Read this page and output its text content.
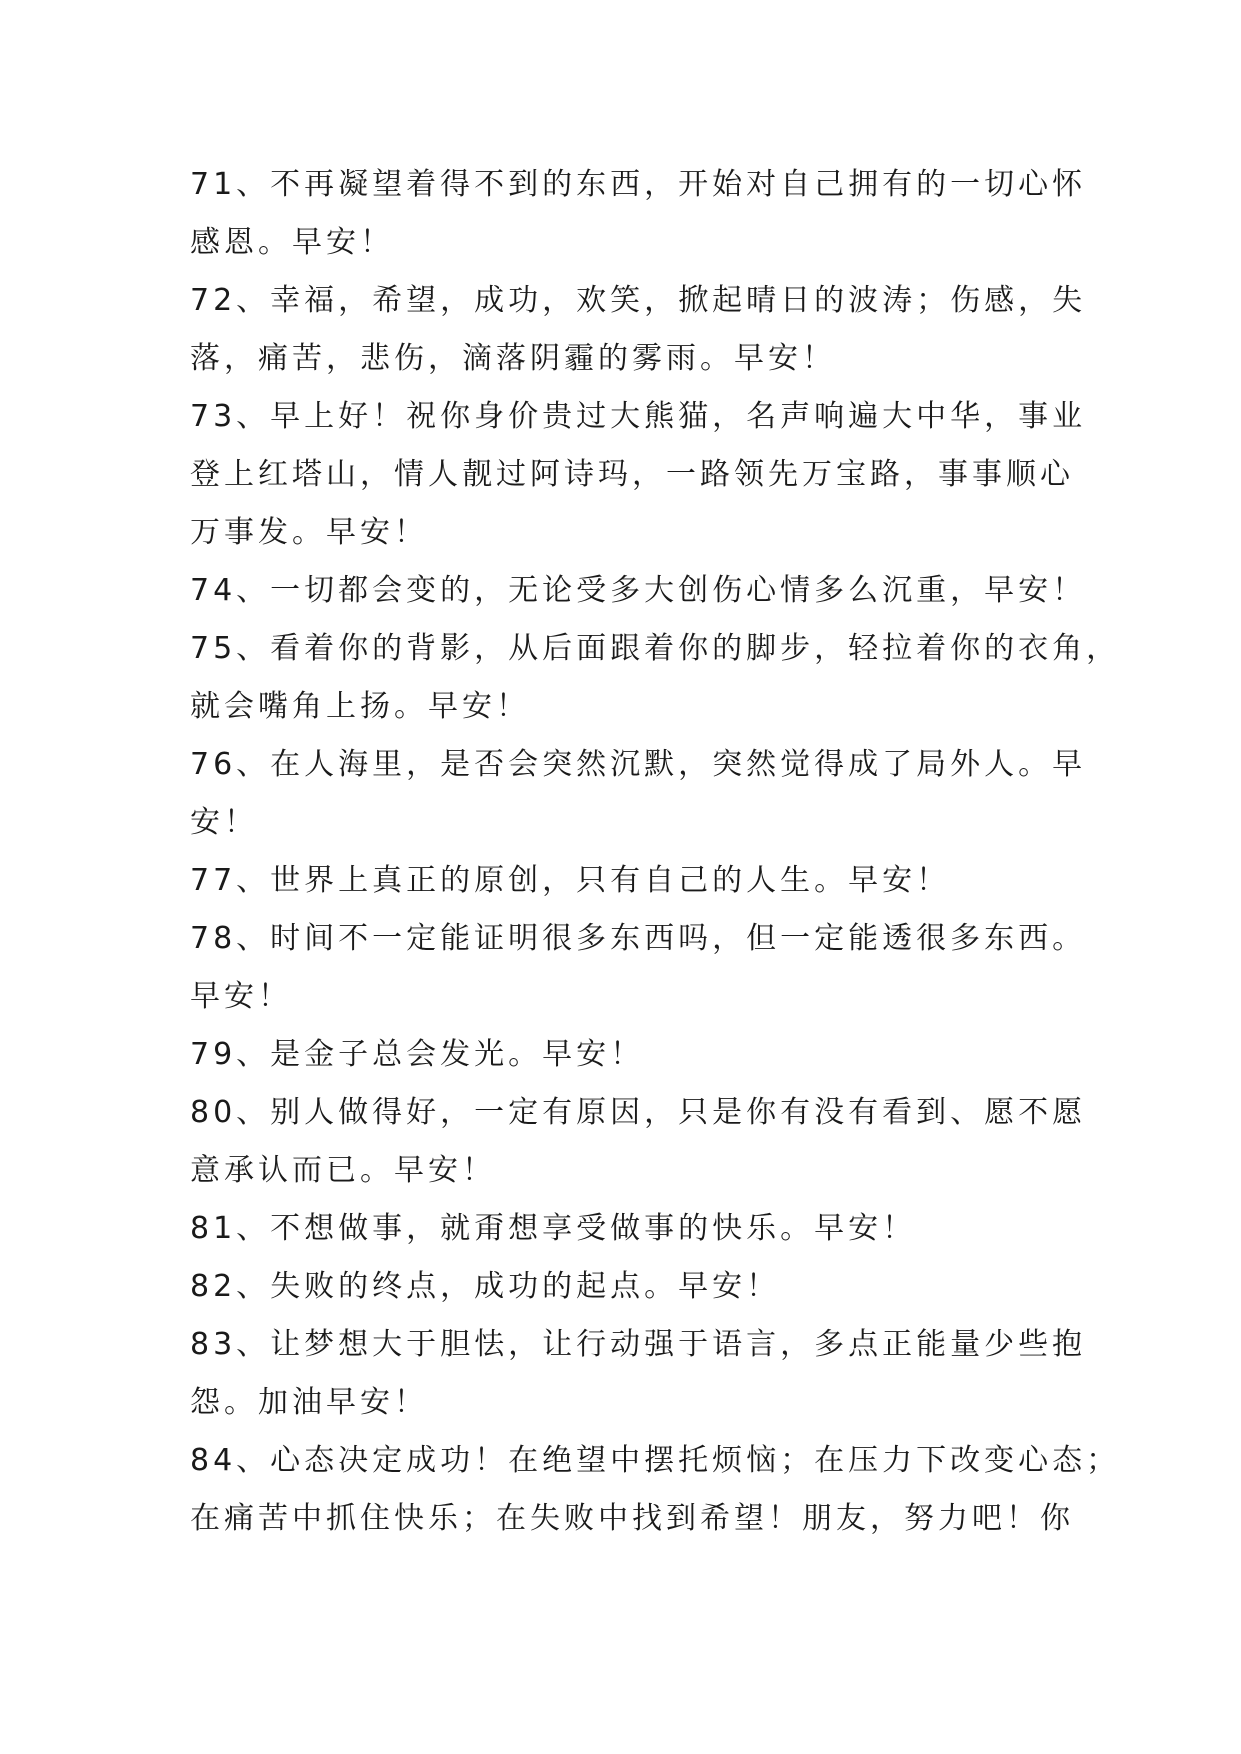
71、不再凝望着得不到的东西，开始对自己拥有的一切心怀
感恩。早安！
72、幸福，希望，成功，欢笑，掀起晴日的波涛；伤感，失
落，痛苦，悲伤，滴落阴霾的雾雨。早安！
73、早上好！祝你身价贵过大熊猫，名声响遍大中华，事业
登上红塔山，情人靓过阿诗玛，一路领先万宝路，事事顺心
万事发。早安！
74、一切都会变的，无论受多大创伤心情多么沉重，早安！
75、看着你的背影，从后面跟着你的脚步，轻拉着你的衣角，
就会嘴角上扬。早安！
76、在人海里，是否会突然沉默，突然觉得成了局外人。早
安！
77、世界上真正的原创，只有自己的人生。早安！
78、时间不一定能证明很多东西吗，但一定能透很多东西。
早安！
79、是金子总会发光。早安！
80、别人做得好，一定有原因，只是你有没有看到、愿不愿
意承认而已。早安！
81、不想做事，就甭想享受做事的快乐。早安！
82、失败的终点，成功的起点。早安！
83、让梦想大于胆怯，让行动强于语言，多点正能量少些抱
怨。加油早安！
84、心态决定成功！在绝望中摆托烦恼；在压力下改变心态；
在痛苦中抓住快乐；在失败中找到希望！朋友，努力吧！你
